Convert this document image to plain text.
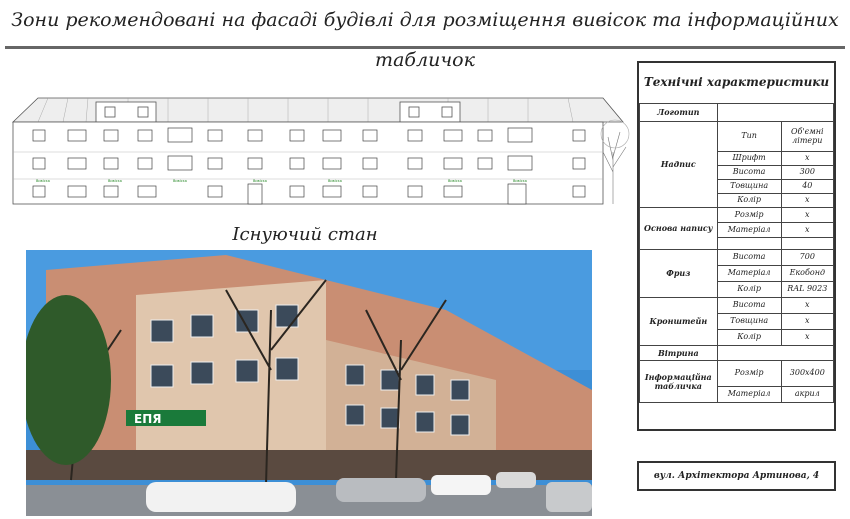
Зони рекомендовані на фасаді будівлі для розміщення вивісок та інформаційних табличок
Вивіска	Вивіска	Вивіска	Вивіска	Вивіска	Вивіска	Вивіска
Існуючий стан
ЕПЯ
Технічні характеристики		
Логотип		
Надпис	Тип	Об'ємні літери
	Шрифт	х
	Висота	300
	Товщина	40
	Колір	х
Основа напису	Розмір	х
	Матеріал	х

Фриз	Висота	700
	Матеріал	Екобонд
	Колір	RAL 9023
Кронштейн	Висота	х
	Товщина	х
	Колір	х
Вітрина		
Інформаційна табличка	Розмір	300х400
	Матеріал	акрил
вул. Архітектора Артинова, 4
